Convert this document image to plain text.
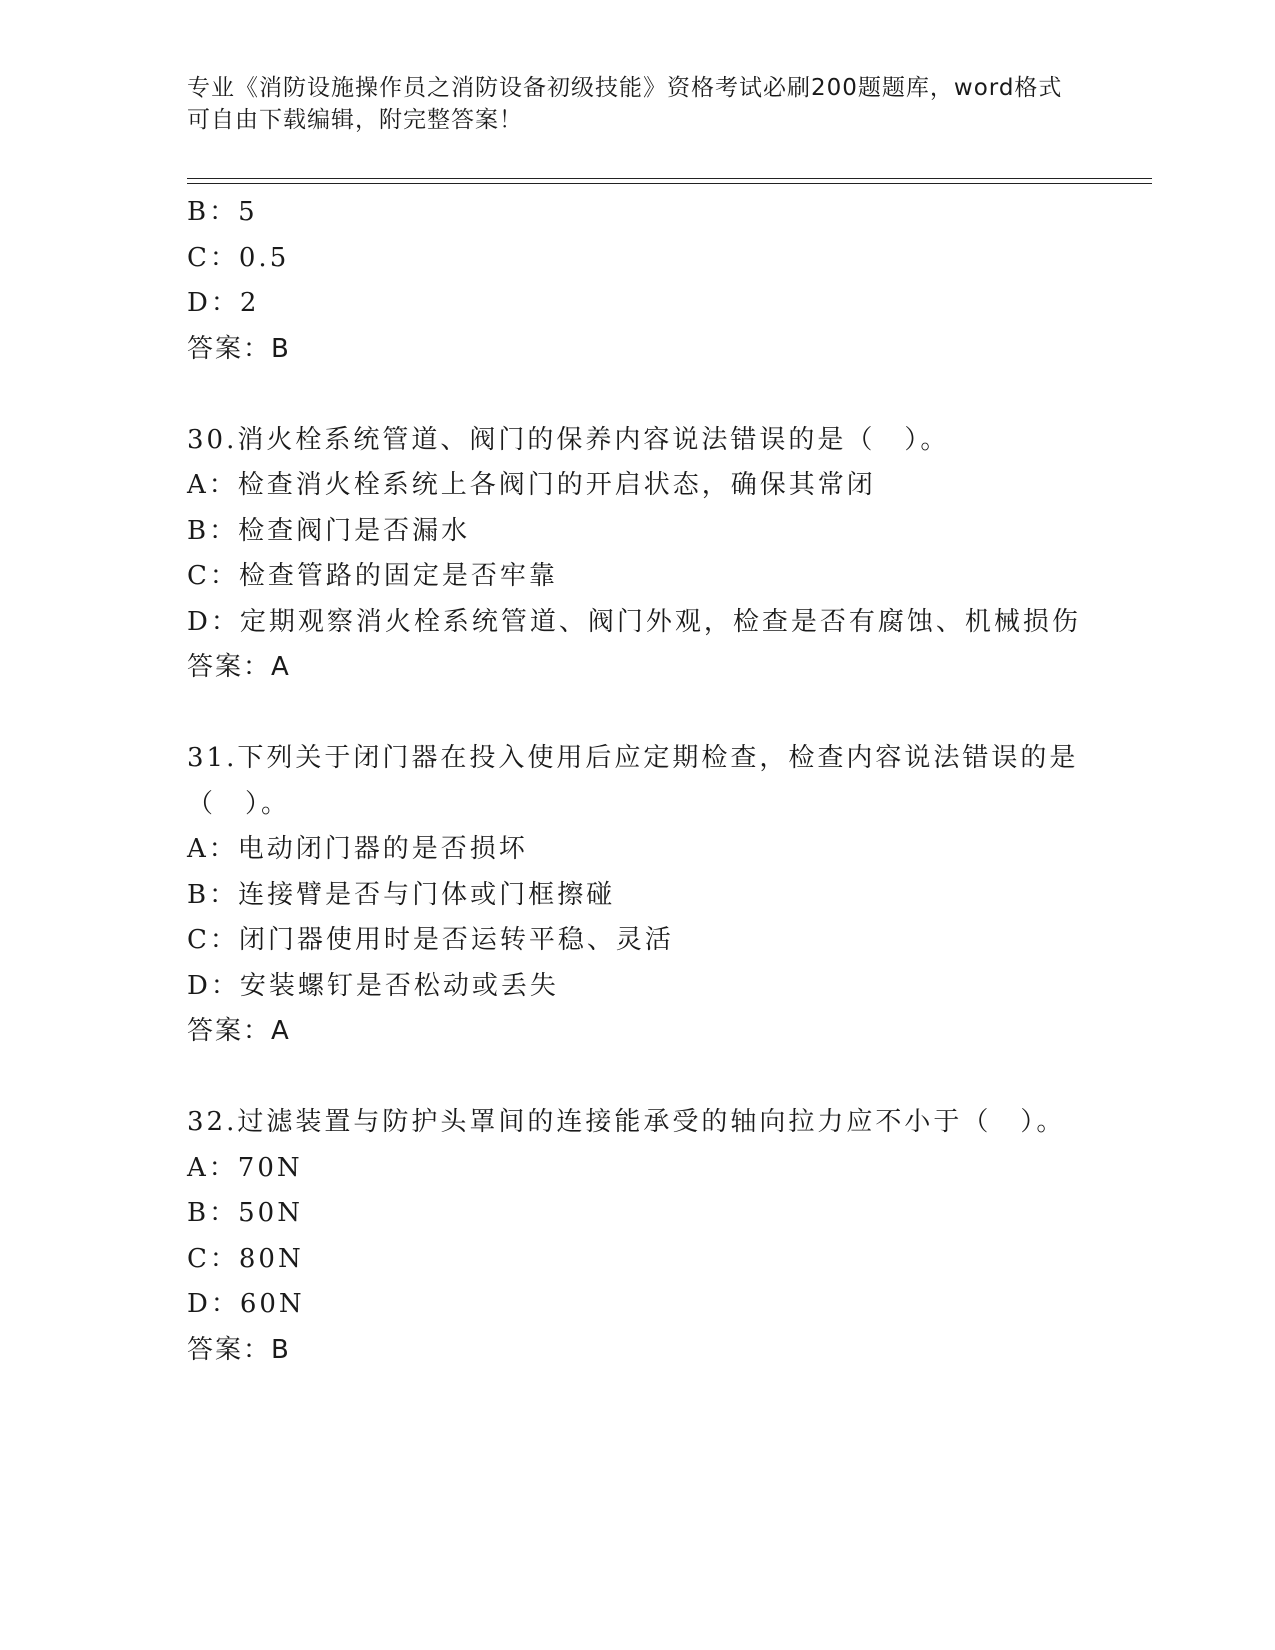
专业《消防设施操作员之消防设备初级技能》资格考试必刷200题题库，word格式可自由下载编辑，附完整答案！
B：5
C：0.5
D：2
答案：B
30.消火栓系统管道、阀门的保养内容说法错误的是（　）。
A：检查消火栓系统上各阀门的开启状态，确保其常闭
B：检查阀门是否漏水
C：检查管路的固定是否牢靠
D：定期观察消火栓系统管道、阀门外观，检查是否有腐蚀、机械损伤
答案：A
31.下列关于闭门器在投入使用后应定期检查，检查内容说法错误的是（　）。
A：电动闭门器的是否损坏
B：连接臂是否与门体或门框擦碰
C：闭门器使用时是否运转平稳、灵活
D：安装螺钉是否松动或丢失
答案：A
32.过滤装置与防护头罩间的连接能承受的轴向拉力应不小于（　）。
A：70N
B：50N
C：80N
D：60N
答案：B
